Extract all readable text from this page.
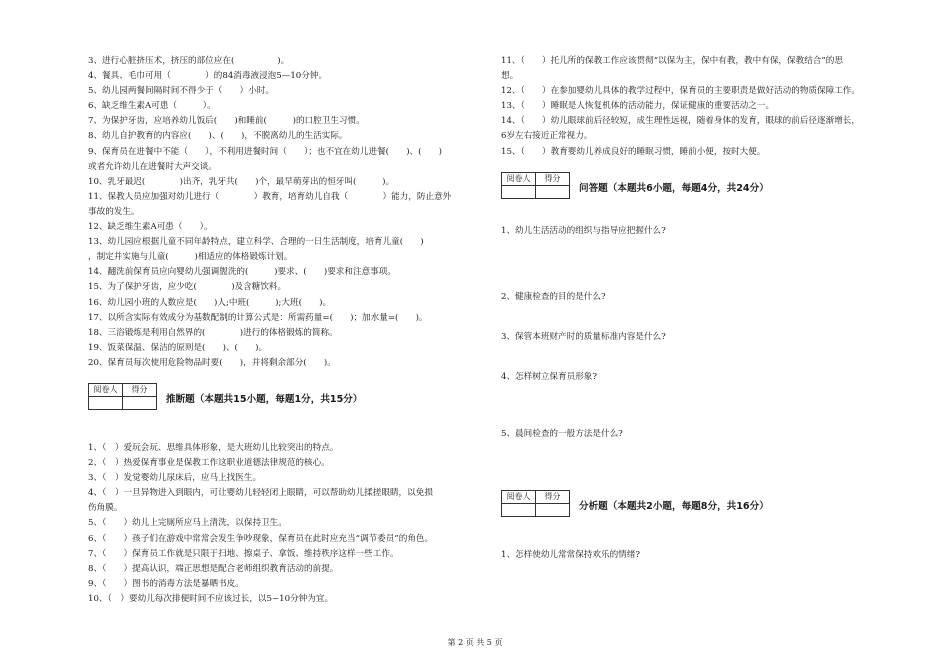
3、进行心脏挤压术，挤压的部位应在(　　　　　)。
4、餐具、毛巾可用（　　　　）的84消毒液浸泡5—10分钟。
5、幼儿园两餐间隔时间不得少于（　　）小时。
6、缺乏维生素A可患（　　　）。
7、为保护牙齿，应培养幼儿饭后(　　)和睡前(　　　)的口腔卫生习惯。
8、幼儿自护教育的内容应(　　)、(　　)，不脱离幼儿的生活实际。
9、保育员在进餐中不能（　　），不利用进餐时间（　　）；也不宜在幼儿进餐(　　)、(　　)
或者允许幼儿在进餐时大声交谈。
10、乳牙最迟(　　　　)出齐，乳牙共(　　)个，最早萌芽出的恒牙叫(　　　)。
11、保教人员应加强对幼儿进行（　　　　）教育，培育幼儿自我（　　　　）能力，防止意外
事故的发生。
12、缺乏维生素A可患（　　）。
13、幼儿园应根据儿童不同年龄特点，建立科学、合理的一日生活制度，培育儿童(　　)
，制定并实施与儿童(　　　)相适应的体格锻炼计划。
14、翻洗前保育员应向婴幼儿强调盥洗的(　　　)要求、(　　)要求和注意事项。
15、为了保护牙齿，应少吃(　　　　)及含糖饮料。
16、幼儿园小班的人数应是(　　)人;中班(　　　);大班(　　)。
17、以所含实际有效成分为基数配制的计算公式是：所需药量=(　　)；加水量=(　　)。
18、三浴锻炼是利用自然界的(　　　　)进行的体格锻炼的简称。
19、饭菜保温、保洁的原则是(　　)、(　　)。
20、保育员每次使用危险物品时要(　　)，并将剩余部分(　　)。
阅卷人	得分

推断题（本题共15小题，每题1分，共15分）
1、（　）爱玩会玩、思维具体形象，是大班幼儿比较突出的特点。
2、（　）热爱保育事业是保教工作这职业道德法律规范的核心。
3、（　）发觉婴幼儿尿床后，应马上找医生。
4、（　）一旦异物进入到眼内，可让婴幼儿轻轻闭上眼睛，可以帮助幼儿揉搓眼睛，以免损
伤角膜。
5、（　　）幼儿上完厕所应马上清洗，以保持卫生。
6、（　　）孩子们在游戏中常常会发生争吵现象，保育员在此时应充当“调节委员”的角色。
7、（　　）保育员工作就是只限于扫地、擦桌子、拿饭、维持秩序这样一些工作。
8、（　　）提高认识，端正思想是配合老师组织教育活动的前提。
9、（　　）图书的消毒方法是暴晒书皮。
10、（　）要幼儿每次排便时间不应该过长，以5~10分钟为宜。
11、（　　）托儿所的保教工作应该贯彻“以保为主，保中有教，教中有保，保教结合”的思
想。
12、（　　）在参加婴幼儿具体的教学过程中，保育员的主要职责是做好活动的物质保障工作。
13、（　　）睡眠是人恢复机体的活动能力，保证健康的重要活动之一。
14、（　　）幼儿眼球前后径较短，成生理性远视，随着身体的发育，眼球的前后径逐渐增长，
6岁左右接近正常视力。
15、（　　）教育婴幼儿养成良好的睡眠习惯，睡前小便，按时大便。
阅卷人	得分

问答题（本题共6小题，每题4分，共24分）
1、幼儿生活活动的组织与指导应把握什么?
2、健康检查的目的是什么?
3、保管本班财产时的质量标准内容是什么?
4、怎样树立保育员形象?
5、晨间检查的一般方法是什么?
阅卷人	得分

分析题（本题共2小题，每题8分，共16分）
1、怎样使幼儿常常保持欢乐的情绪?
第 2 页 共 5 页
